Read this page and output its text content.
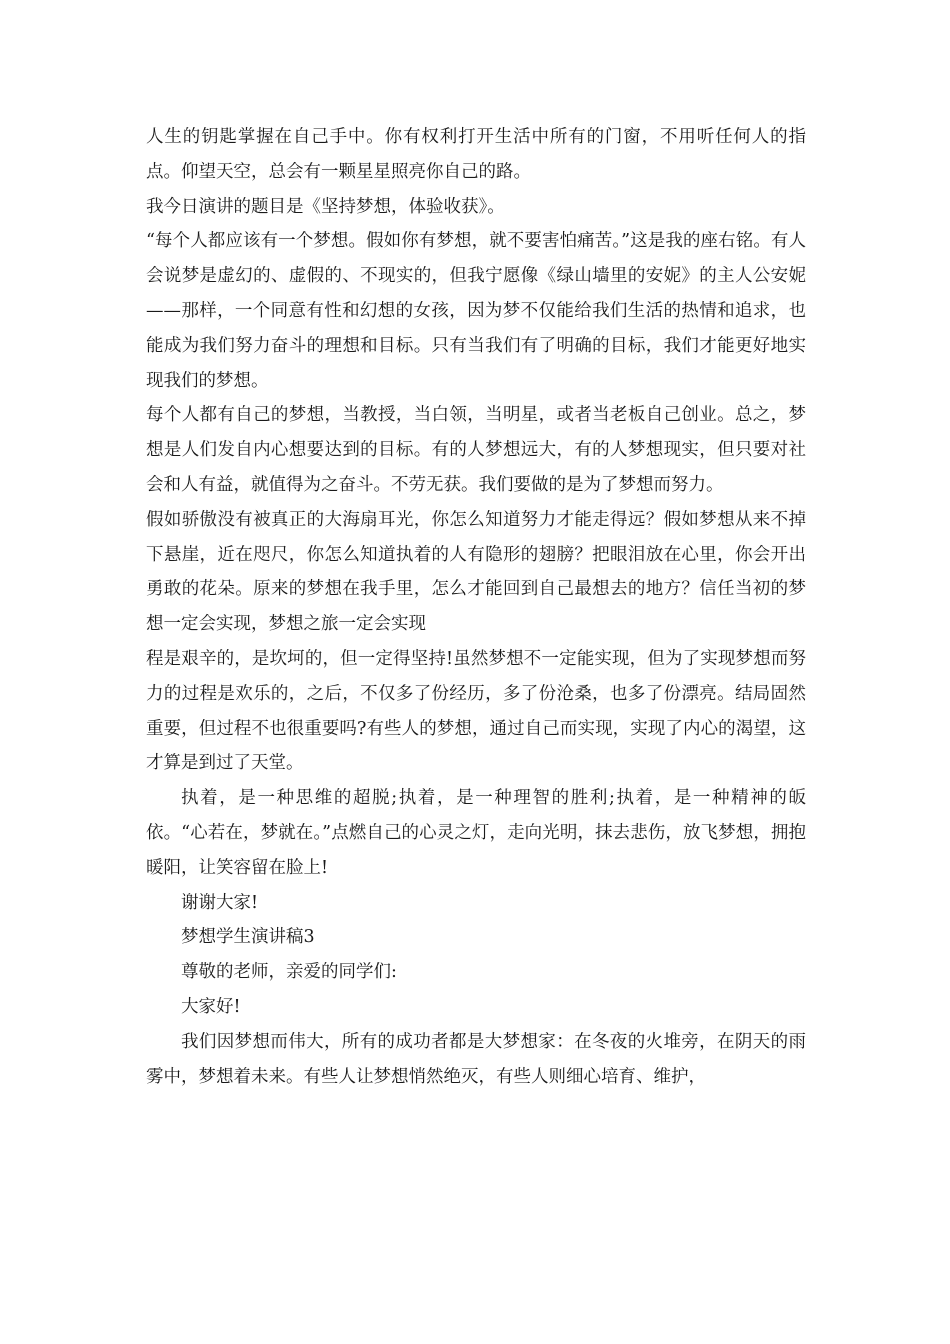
人生的钥匙掌握在自己手中。你有权利打开生活中所有的门窗，不用听任何人的指点。仰望天空，总会有一颗星星照亮你自己的路。

我今日演讲的题目是《坚持梦想，体验收获》。

“每个人都应该有一个梦想。假如你有梦想，就不要害怕痛苦。”这是我的座右铭。有人会说梦是虚幻的、虚假的、不现实的，但我宁愿像《绿山墙里的安妮》的主人公安妮——那样，一个同意有性和幻想的女孩，因为梦不仅能给我们生活的热情和追求，也能成为我们努力奋斗的理想和目标。只有当我们有了明确的目标，我们才能更好地实现我们的梦想。

每个人都有自己的梦想，当教授，当白领，当明星，或者当老板自己创业。总之，梦想是人们发自内心想要达到的目标。有的人梦想远大，有的人梦想现实，但只要对社会和人有益，就值得为之奋斗。不劳无获。我们要做的是为了梦想而努力。

假如骄傲没有被真正的大海扇耳光，你怎么知道努力才能走得远？假如梦想从来不掉下悬崖，近在咫尺，你怎么知道执着的人有隐形的翅膀？把眼泪放在心里，你会开出勇敢的花朵。原来的梦想在我手里，怎么才能回到自己最想去的地方？信任当初的梦想一定会实现，梦想之旅一定会实现

程是艰辛的，是坎坷的，但一定得坚持!虽然梦想不一定能实现，但为了实现梦想而努力的过程是欢乐的，之后，不仅多了份经历，多了份沧桑，也多了份漂亮。结局固然重要，但过程不也很重要吗?有些人的梦想，通过自己而实现，实现了内心的渴望，这才算是到过了天堂。

执着，是一种思维的超脱;执着，是一种理智的胜利;执着，是一种精神的皈依。“心若在，梦就在。”点燃自己的心灵之灯，走向光明，抹去悲伤，放飞梦想，拥抱暖阳，让笑容留在脸上!

谢谢大家!

梦想学生演讲稿3

尊敬的老师，亲爱的同学们:

大家好!

我们因梦想而伟大，所有的成功者都是大梦想家：在冬夜的火堆旁，在阴天的雨雾中，梦想着未来。有些人让梦想悄然绝灭，有些人则细心培育、维护，
